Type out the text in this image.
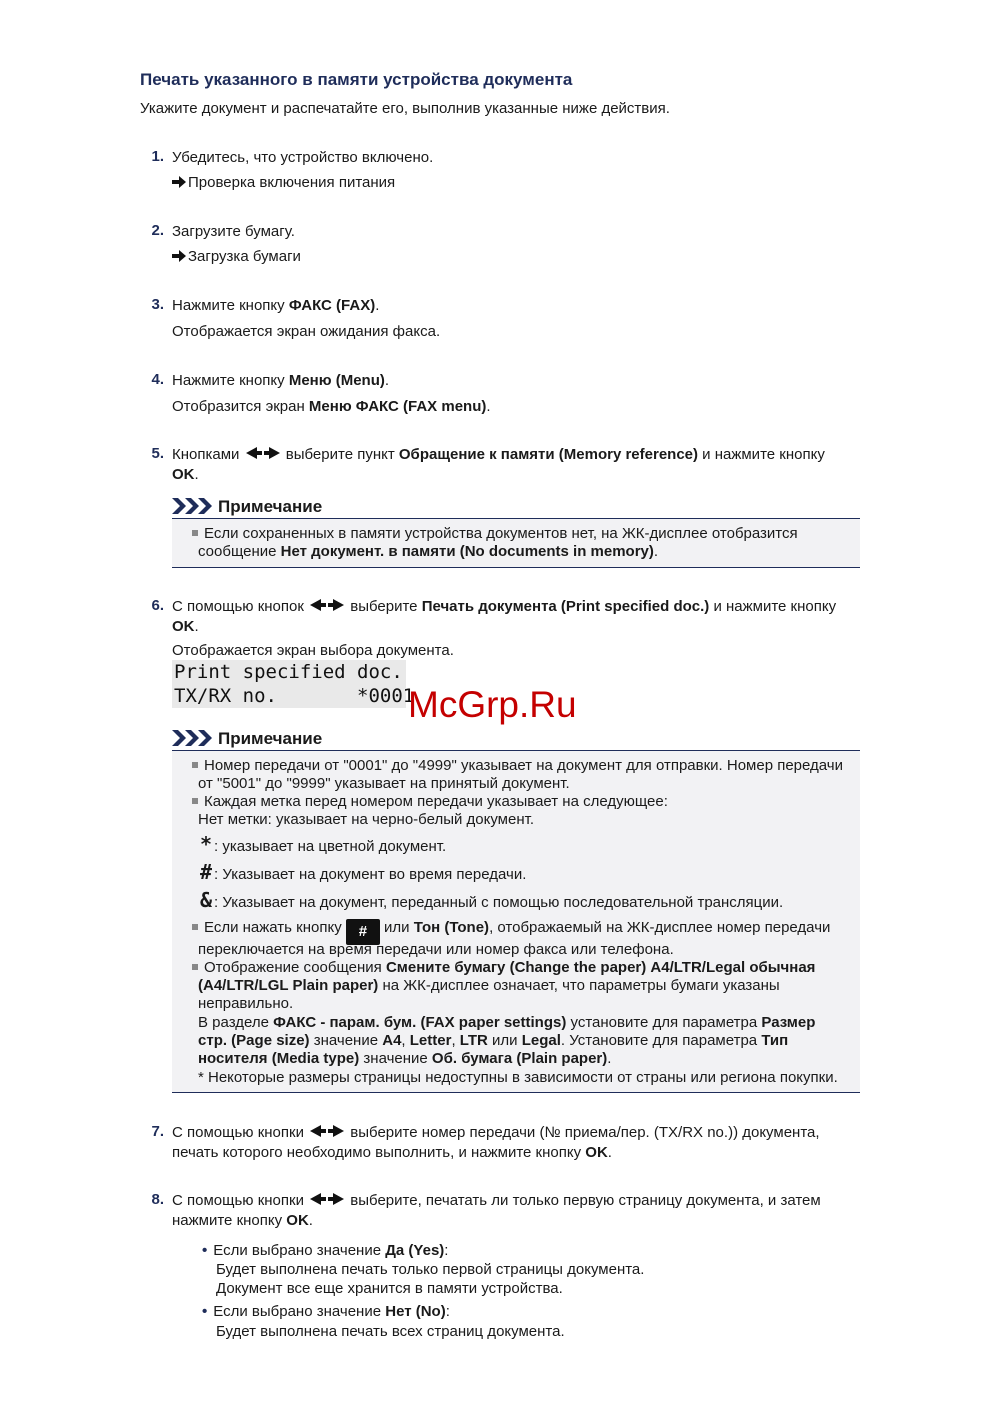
Печать указанного в памяти устройства документа
Укажите документ и распечатайте его, выполнив указанные ниже действия.
1. Убедитесь, что устройство включено.
Проверка включения питания
2. Загрузите бумагу.
Загрузка бумаги
3. Нажмите кнопку ФАКС (FAX).
Отображается экран ожидания факса.
4. Нажмите кнопку Меню (Menu).
Отобразится экран Меню ФАКС (FAX menu).
5. Кнопками	выберите пункт Обращение к памяти (Memory reference) и нажмите кнопку
OK.
Примечание
Если сохраненных в памяти устройства документов нет, на ЖК-дисплее отобразится
сообщение Нет документ. в памяти (No documents in memory).
6. С помощью кнопок	выберите Печать документа (Print specified doc.) и нажмите кнопку
OK.
Отображается экран выбора документа.
Print specified doc.
TX/RX no.       *0001
McGrp.Ru
Примечание
Номер передачи от "0001" до "4999" указывает на документ для отправки. Номер передачи
от "5001" до "9999" указывает на принятый документ.
Каждая метка перед номером передачи указывает на следующее:
Нет метки: указывает на черно-белый документ.
* : указывает на цветной документ.
# : Указывает на документ во время передачи.
& : Указывает на документ, переданный с помощью последовательной трансляции.
Если нажать кнопку # или Тон (Tone), отображаемый на ЖК-дисплее номер передачи
переключается на время передачи или номер факса или телефона.
Отображение сообщения Смените бумагу (Change the paper) A4/LTR/Legal обычная
(A4/LTR/LGL Plain paper) на ЖК-дисплее означает, что параметры бумаги указаны
неправильно.
В разделе ФАКС - парам. бум. (FAX paper settings) установите для параметра Размер
стр. (Page size) значение A4, Letter, LTR или Legal. Установите для параметра Тип
носителя (Media type) значение Об. бумага (Plain paper).
* Некоторые размеры страницы недоступны в зависимости от страны или региона покупки.
7. С помощью кнопки	выберите номер передачи (№ приема/пер. (TX/RX no.)) документа,
печать которого необходимо выполнить, и нажмите кнопку OK.
8. С помощью кнопки	выберите, печатать ли только первую страницу документа, и затем
нажмите кнопку OK.
• Если выбрано значение Да (Yes):
Будет выполнена печать только первой страницы документа.
Документ все еще хранится в памяти устройства.
• Если выбрано значение Нет (No):
Будет выполнена печать всех страниц документа.
